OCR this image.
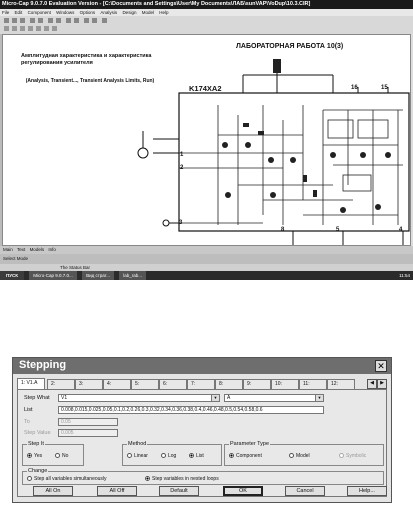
Micro-Cap 9.0.7.0 Evaluation Version - [C:\Documents and Settings\User\My Documents\ЛАБ\sunVAP\VoDup\10.3.CIR]
File Edit Component Windows Options Analysis Design Model Help
ЛАБОРАТОРНАЯ РАБОТА 10(3)
Амплитудная характеристика и характеристика регулирования усилителя
(Analysis, Transient..., Transient Analysis Limits, Run)
K174XA2	16	15
1
2
3
8	5	4
Main Text Models Info
Select Mode
The Status Bar
ПУСК	Micro-Cap 9.0.7.0...	Вид страт...	lab_rab...	11:54
Stepping	✕
1: V1.A	2:	3:	4:	5:	6:	7:	8:	9:	10:	11:	12:	◀ ▶
Step What	V1	▼	A	▼
List	0.008,0.015,0.025,0.05,0.1,0.2,0.26,0.3,0.32,0.34,0.36,0.38,0.4,0.46,0.48,0.5,0.54,0.58,0.6
To	0.05
Step Value	0.005
Step It
Yes	No
Method
Linear	Log	List
Parameter Type
Component	Model	Symbolic
Change
Step all variables simultaneously	Step variables in nested loops
All On	All Off	Default	OK	Cancel	Help...
